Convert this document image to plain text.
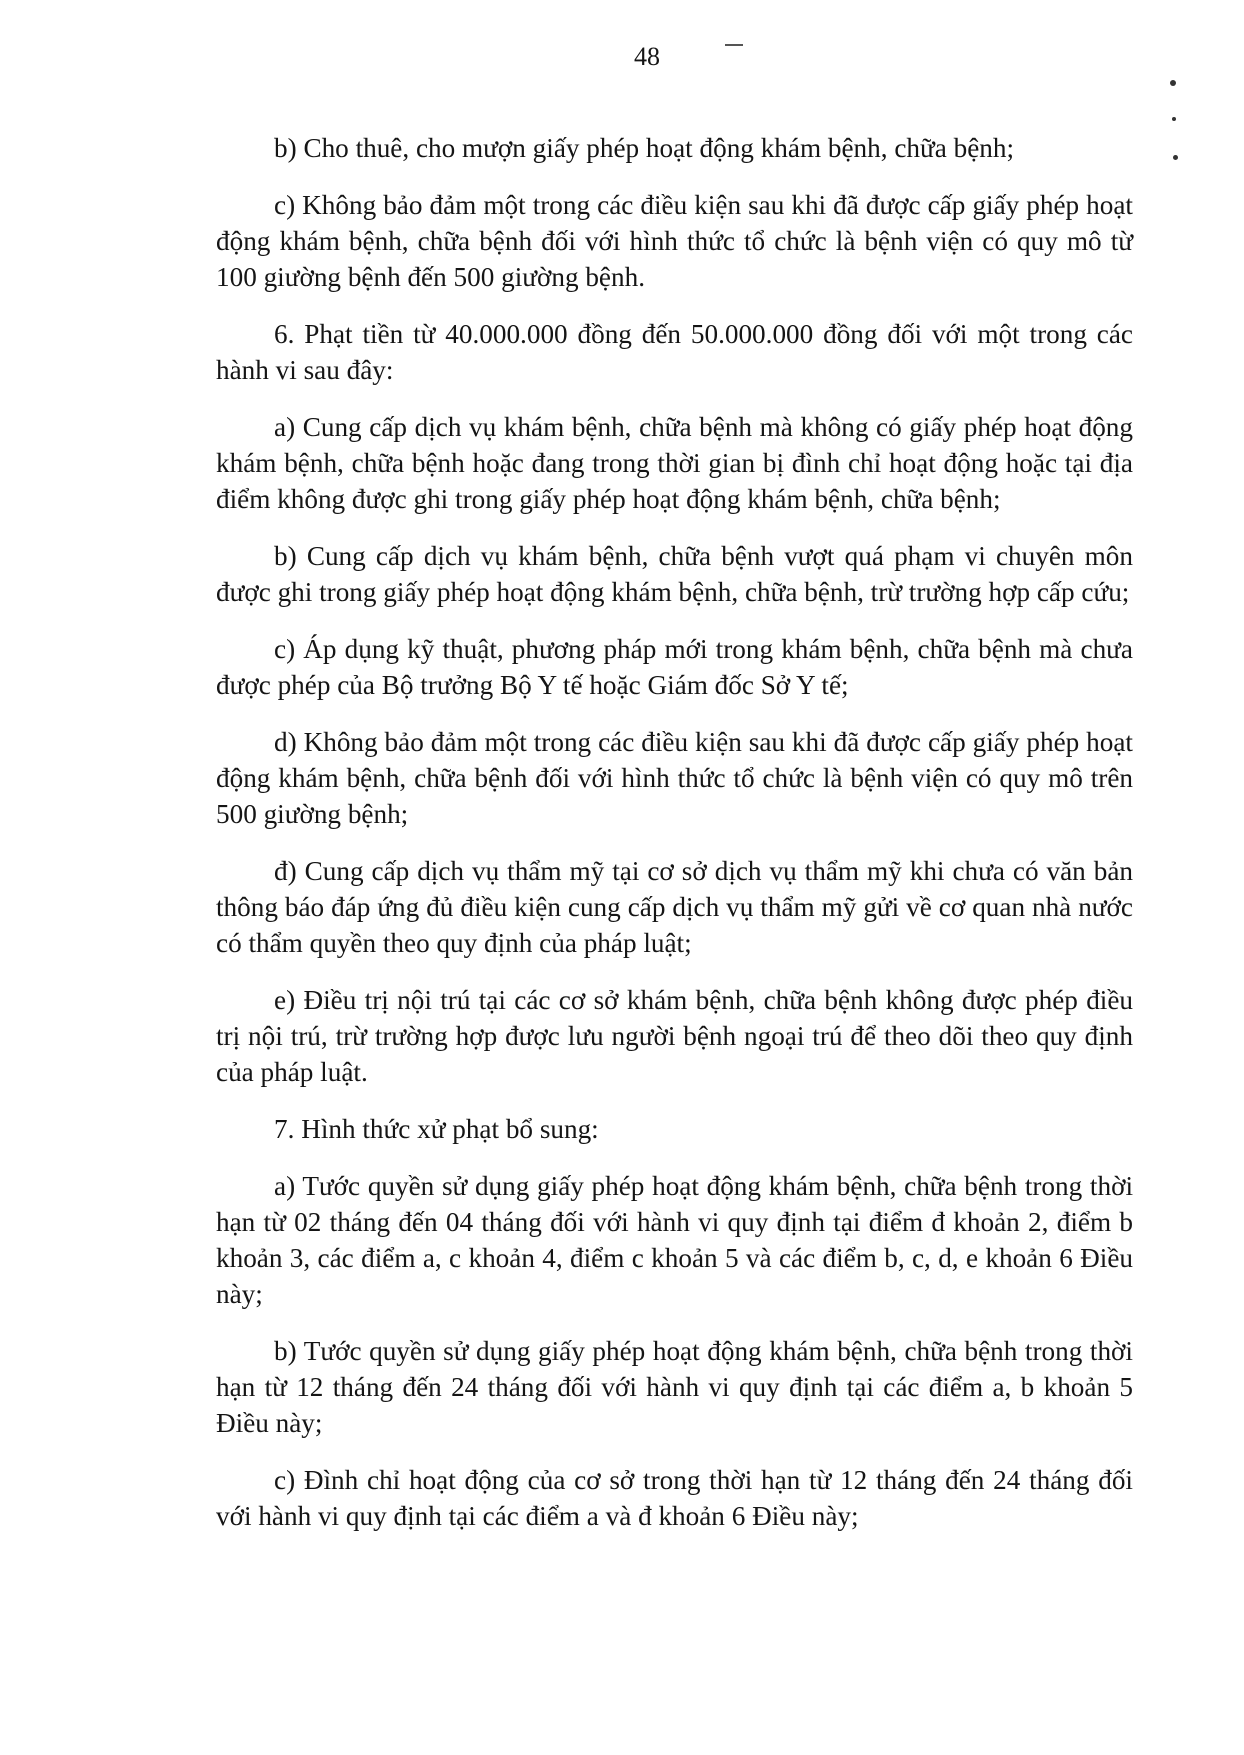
48

b) Cho thuê, cho mượn giấy phép hoạt động khám bệnh, chữa bệnh;

c) Không bảo đảm một trong các điều kiện sau khi đã được cấp giấy phép hoạt động khám bệnh, chữa bệnh đối với hình thức tổ chức là bệnh viện có quy mô từ 100 giường bệnh đến 500 giường bệnh.

6. Phạt tiền từ 40.000.000 đồng đến 50.000.000 đồng đối với một trong các hành vi sau đây:

a) Cung cấp dịch vụ khám bệnh, chữa bệnh mà không có giấy phép hoạt động khám bệnh, chữa bệnh hoặc đang trong thời gian bị đình chỉ hoạt động hoặc tại địa điểm không được ghi trong giấy phép hoạt động khám bệnh, chữa bệnh;

b) Cung cấp dịch vụ khám bệnh, chữa bệnh vượt quá phạm vi chuyên môn được ghi trong giấy phép hoạt động khám bệnh, chữa bệnh, trừ trường hợp cấp cứu;

c) Áp dụng kỹ thuật, phương pháp mới trong khám bệnh, chữa bệnh mà chưa được phép của Bộ trưởng Bộ Y tế hoặc Giám đốc Sở Y tế;

d) Không bảo đảm một trong các điều kiện sau khi đã được cấp giấy phép hoạt động khám bệnh, chữa bệnh đối với hình thức tổ chức là bệnh viện có quy mô trên 500 giường bệnh;

đ) Cung cấp dịch vụ thẩm mỹ tại cơ sở dịch vụ thẩm mỹ khi chưa có văn bản thông báo đáp ứng đủ điều kiện cung cấp dịch vụ thẩm mỹ gửi về cơ quan nhà nước có thẩm quyền theo quy định của pháp luật;

e) Điều trị nội trú tại các cơ sở khám bệnh, chữa bệnh không được phép điều trị nội trú, trừ trường hợp được lưu người bệnh ngoại trú để theo dõi theo quy định của pháp luật.

7. Hình thức xử phạt bổ sung:

a) Tước quyền sử dụng giấy phép hoạt động khám bệnh, chữa bệnh trong thời hạn từ 02 tháng đến 04 tháng đối với hành vi quy định tại điểm đ khoản 2, điểm b khoản 3, các điểm a, c khoản 4, điểm c khoản 5 và các điểm b, c, d, e khoản 6 Điều này;

b) Tước quyền sử dụng giấy phép hoạt động khám bệnh, chữa bệnh trong thời hạn từ 12 tháng đến 24 tháng đối với hành vi quy định tại các điểm a, b khoản 5 Điều này;

c) Đình chỉ hoạt động của cơ sở trong thời hạn từ 12 tháng đến 24 tháng đối với hành vi quy định tại các điểm a và đ khoản 6 Điều này;
